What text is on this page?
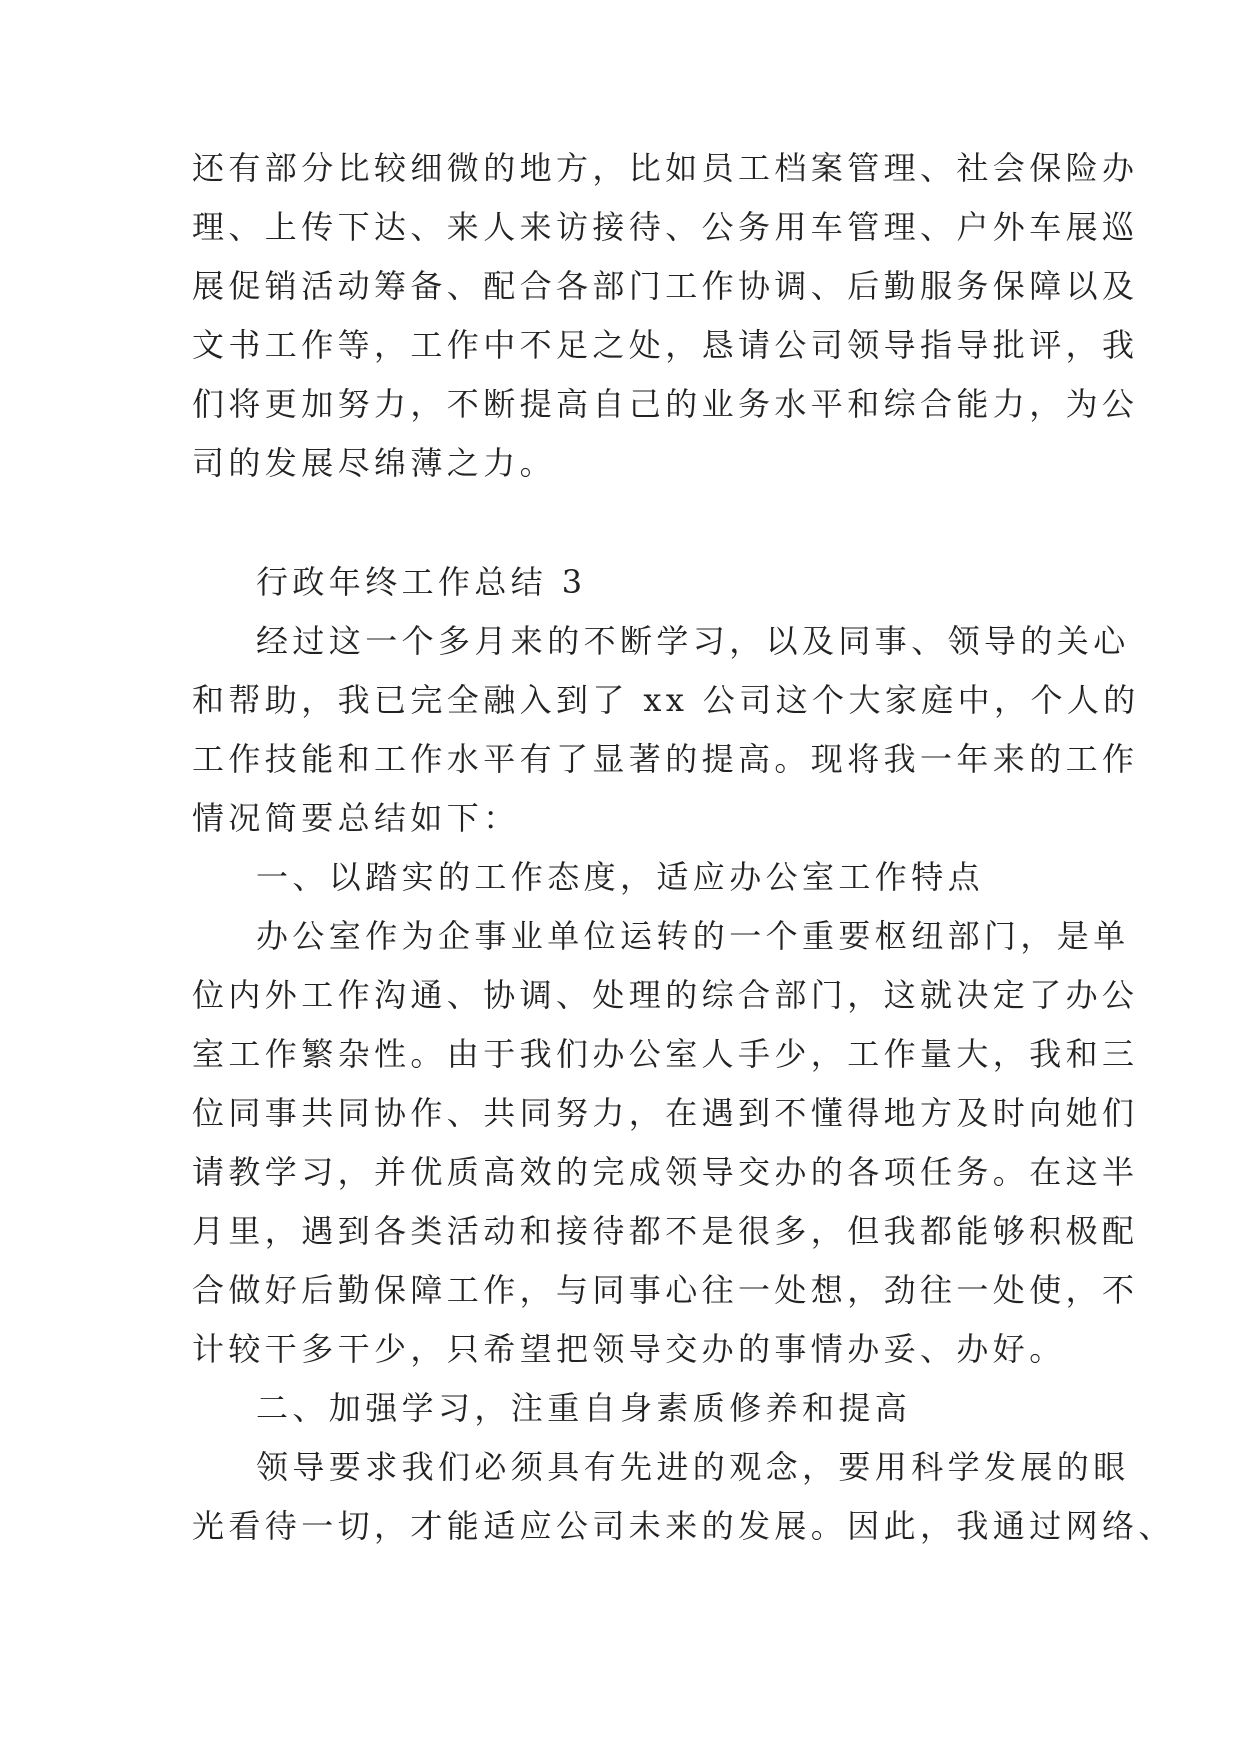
还有部分比较细微的地方，比如员工档案管理、社会保险办
理、上传下达、来人来访接待、公务用车管理、户外车展巡
展促销活动筹备、配合各部门工作协调、后勤服务保障以及
文书工作等，工作中不足之处，恳请公司领导指导批评，我
们将更加努力，不断提高自己的业务水平和综合能力，为公
司的发展尽绵薄之力。
行政年终工作总结 3
经过这一个多月来的不断学习，以及同事、领导的关心
和帮助，我已完全融入到了 xx 公司这个大家庭中，个人的
工作技能和工作水平有了显著的提高。现将我一年来的工作
情况简要总结如下：
一、以踏实的工作态度，适应办公室工作特点
办公室作为企事业单位运转的一个重要枢纽部门，是单
位内外工作沟通、协调、处理的综合部门，这就决定了办公
室工作繁杂性。由于我们办公室人手少，工作量大，我和三
位同事共同协作、共同努力，在遇到不懂得地方及时向她们
请教学习，并优质高效的完成领导交办的各项任务。在这半
月里，遇到各类活动和接待都不是很多，但我都能够积极配
合做好后勤保障工作，与同事心往一处想，劲往一处使，不
计较干多干少，只希望把领导交办的事情办妥、办好。
二、加强学习，注重自身素质修养和提高
领导要求我们必须具有先进的观念，要用科学发展的眼
光看待一切，才能适应公司未来的发展。因此，我通过网络、
